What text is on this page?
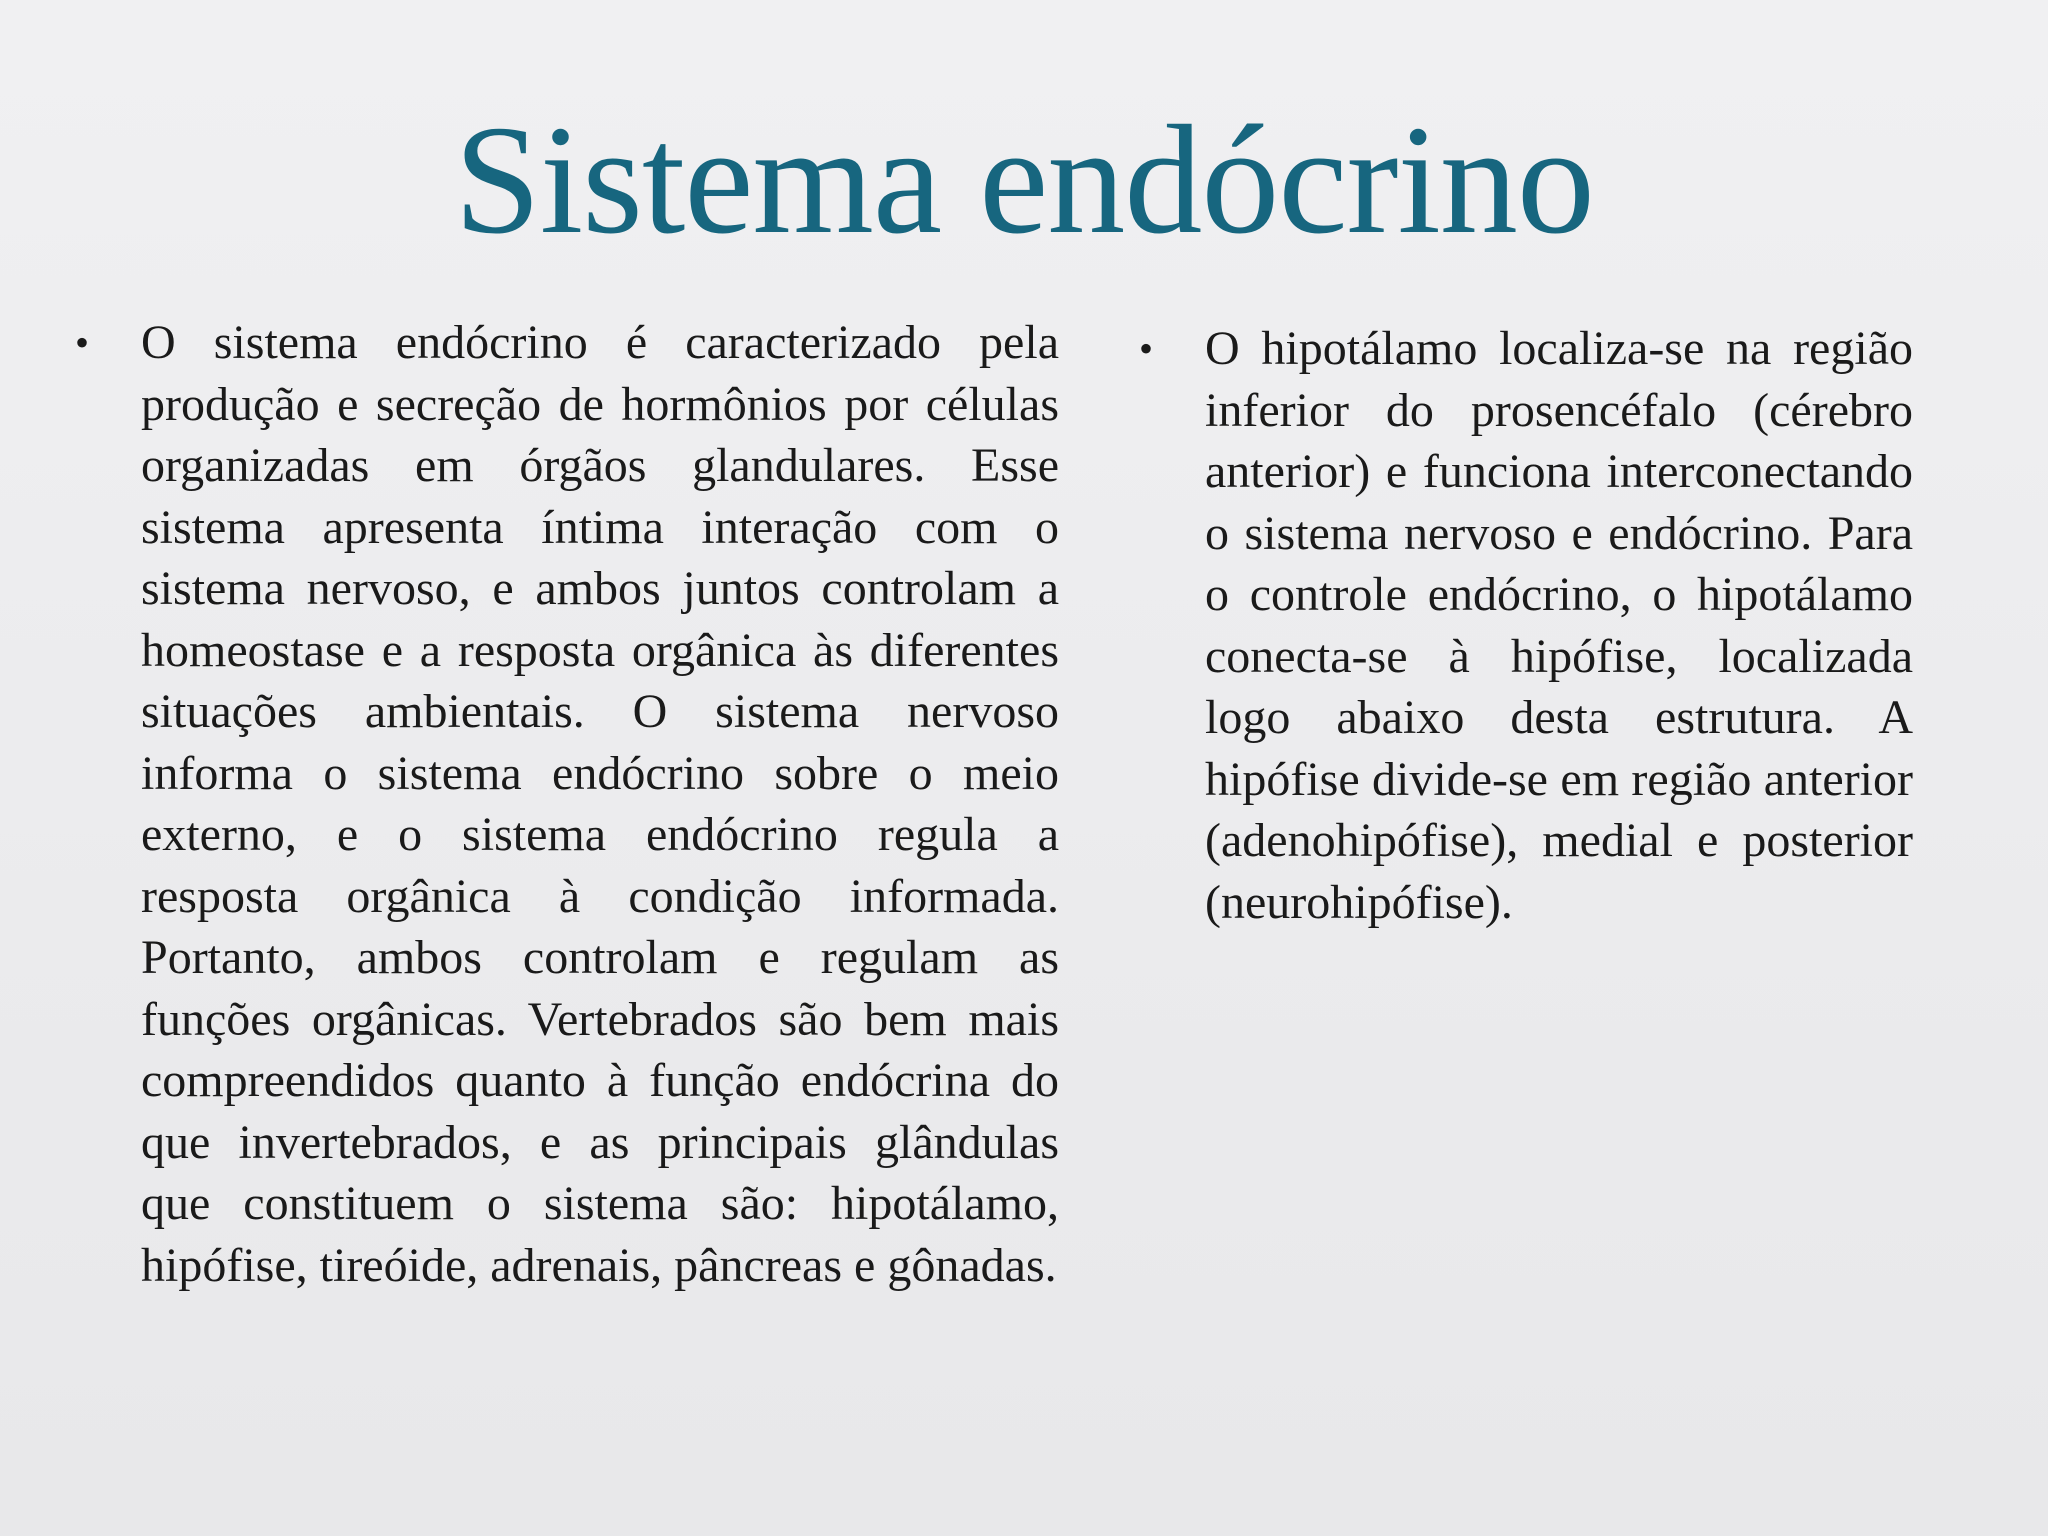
Sistema endócrino
•	O sistema endócrino é caracterizado pela produção e secreção de hormônios por células organizadas em órgãos glandulares. Esse sistema apresenta íntima interação com o sistema nervoso, e ambos juntos controlam a homeostase e a resposta orgânica às diferentes situações ambientais. O sistema nervoso informa o sistema endócrino sobre o meio externo, e o sistema endócrino regula a resposta orgânica à condição informada. Portanto, ambos controlam e regulam as funções orgânicas. Vertebrados são bem mais compreendidos quanto à função endócrina do que invertebrados, e as principais glândulas que constituem o sistema são: hipotálamo, hipófise, tireóide, adrenais, pâncreas e gônadas.

•	O hipotálamo localiza-se na região inferior do prosencéfalo (cérebro anterior) e funciona interconectando o sistema nervoso e endócrino. Para o controle endócrino, o hipotálamo conecta-se à hipófise, localizada logo abaixo desta estrutura. A hipófise divide-se em região anterior (adenohipófise), medial e posterior (neurohipófise).
